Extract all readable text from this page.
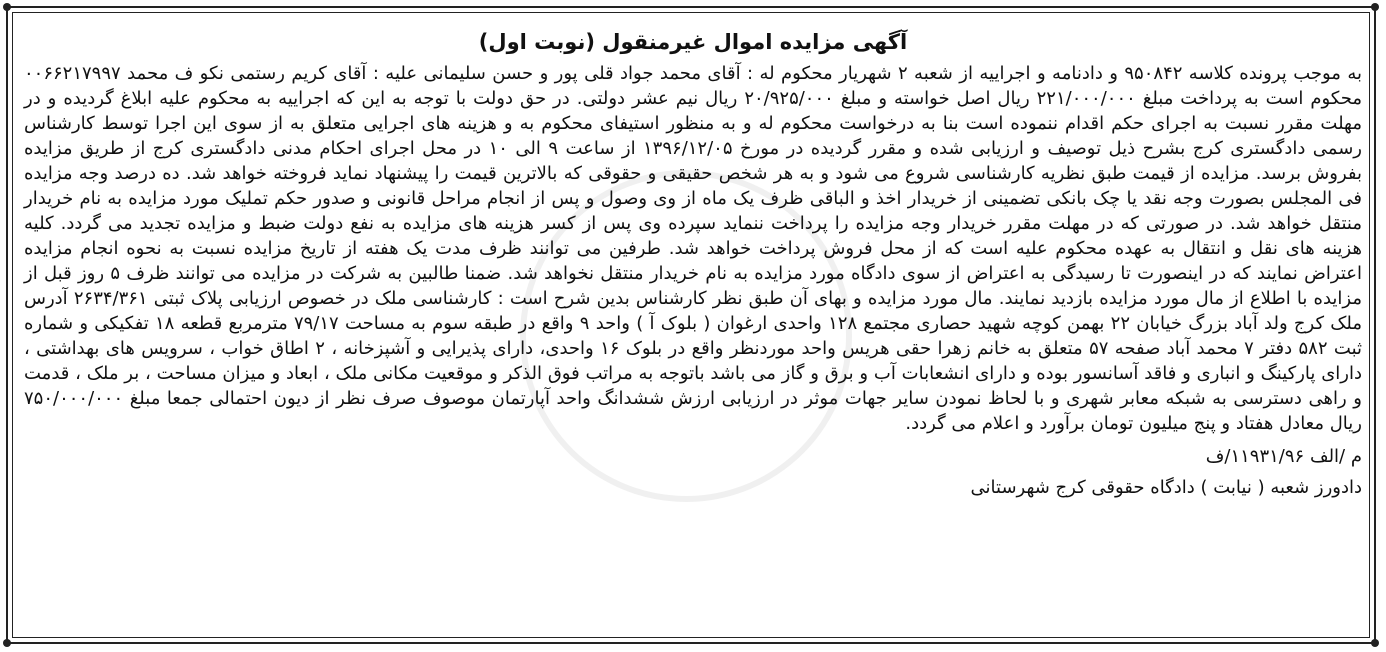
آگهی مزایده اموال غیرمنقول (نوبت اول)

به موجب پرونده کلاسه ۹۵۰۸۴۲ و دادنامه و اجراییه از شعبه ۲ شهریار محکوم له : آقای محمد جواد قلی پور و حسن سلیمانی علیه : آقای کریم رستمی نکو ف محمد ۰۰۶۶۲۱۷۹۹۷ محکوم است به پرداخت مبلغ ۲۲۱/۰۰۰/۰۰۰ ریال اصل خواسته و مبلغ ۲۰/۹۲۵/۰۰۰ ریال نیم عشر دولتی. در حق دولت با توجه به این که اجراییه به محکوم علیه ابلاغ گردیده و در مهلت مقرر نسبت به اجرای حکم اقدام ننموده است بنا به درخواست محکوم له و به منظور استیفای محکوم به و هزینه های اجرایی متعلق به از سوی این اجرا توسط کارشناس رسمی دادگستری کرج بشرح ذیل توصیف و ارزیابی شده و مقرر گردیده در مورخ ۱۳۹۶/۱۲/۰۵ از ساعت ۹ الی ۱۰ در محل اجرای احکام مدنی دادگستری کرج از طریق مزایده بفروش برسد. مزایده از قیمت طبق نظریه کارشناسی شروع می شود و به هر شخص حقیقی و حقوقی که بالاترین قیمت را پیشنهاد نماید فروخته خواهد شد. ده درصد وجه مزایده فی المجلس بصورت وجه نقد یا چک بانکی تضمینی از خریدار اخذ و الباقی ظرف یک ماه از وی وصول و پس از انجام مراحل قانونی و صدور حکم تملیک مورد مزایده به نام خریدار منتقل خواهد شد. در صورتی که در مهلت مقرر خریدار وجه مزایده را پرداخت ننماید سپرده وی پس از کسر هزینه های مزایده به نفع دولت ضبط و مزایده تجدید می گردد. کلیه هزینه های نقل و انتقال به عهده محکوم علیه است که از محل فروش پرداخت خواهد شد. طرفین می توانند ظرف مدت یک هفته از تاریخ مزایده نسبت به نحوه انجام مزایده اعتراض نمایند که در اینصورت تا رسیدگی به اعتراض از سوی دادگاه مورد مزایده به نام خریدار منتقل نخواهد شد. ضمنا طالبین به شرکت در مزایده می توانند ظرف ۵ روز قبل از مزایده با اطلاع از مال مورد مزایده بازدید نمایند. مال مورد مزایده و بهای آن طبق نظر کارشناس بدین شرح است : کارشناسی ملک در خصوص ارزیابی پلاک ثبتی ۲۶۳۴/۳۶۱ آدرس ملک کرج ولد آباد بزرگ خیابان ۲۲ بهمن کوچه شهید حصاری مجتمع ۱۲۸ واحدی ارغوان ( بلوک آ ) واحد ۹ واقع در طبقه سوم به مساحت ۷۹/۱۷ مترمربع قطعه ۱۸ تفکیکی و شماره ثبت ۵۸۲ دفتر ۷ محمد آباد صفحه ۵۷ متعلق به خانم زهرا حقی هریس واحد موردنظر واقع در بلوک ۱۶ واحدی، دارای پذیرایی و آشپزخانه ، ۲ اطاق خواب ، سرویس های بهداشتی ، دارای پارکینگ و انباری و فاقد آسانسور بوده و دارای انشعابات آب و برق و گاز می باشد باتوجه به مراتب فوق الذکر و موقعیت مکانی ملک ، ابعاد و میزان مساحت ، بر ملک ، قدمت و راهی دسترسی به شبکه معابر شهری و با لحاظ نمودن سایر جهات موثر در ارزیابی ارزش ششدانگ واحد آپارتمان موصوف صرف نظر از دیون احتمالی جمعا مبلغ ۷۵۰/۰۰۰/۰۰۰ ریال معادل هفتاد و پنج میلیون تومان برآورد و اعلام می گردد.

م /الف ۱۱۹۳۱/۹۶/ف

دادورز شعبه ( نیابت ) دادگاه حقوقی کرج شهرستانی
